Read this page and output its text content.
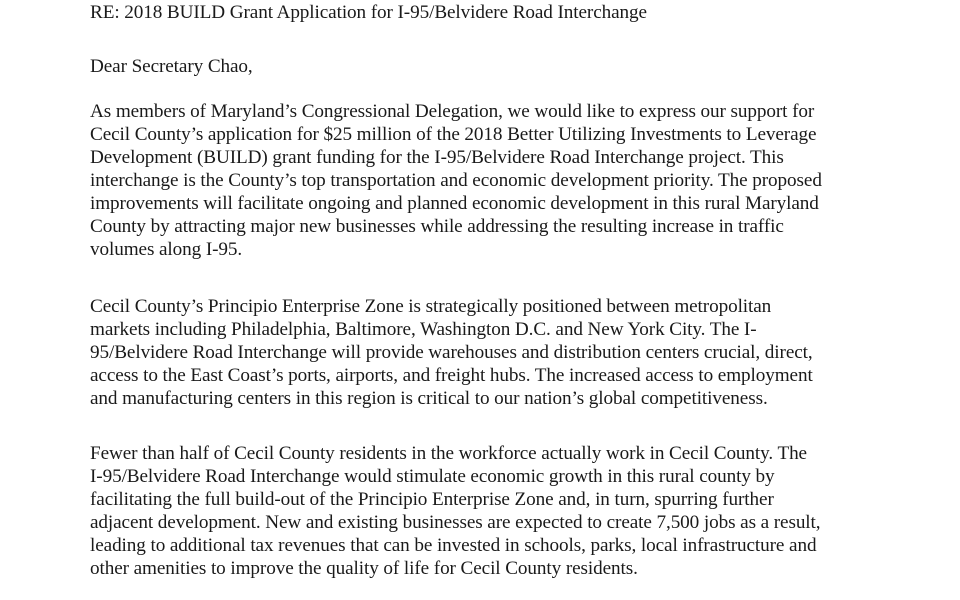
RE: 2018 BUILD Grant Application for I-95/Belvidere Road Interchange

Dear Secretary Chao,

As members of Maryland’s Congressional Delegation, we would like to express our support for

Cecil County’s application for $25 million of the 2018 Better Utilizing Investments to Leverage

Development (BUILD) grant funding for the I-95/Belvidere Road Interchange project. This

interchange is the County’s top transportation and economic development priority. The proposed

improvements will facilitate ongoing and planned economic development in this rural Maryland

County by attracting major new businesses while addressing the resulting increase in traffic

volumes along I-95.

Cecil County’s Principio Enterprise Zone is strategically positioned between metropolitan

markets including Philadelphia, Baltimore, Washington D.C. and New York City. The I-

95/Belvidere Road Interchange will provide warehouses and distribution centers crucial, direct,

access to the East Coast’s ports, airports, and freight hubs. The increased access to employment

and manufacturing centers in this region is critical to our nation’s global competitiveness.

Fewer than half of Cecil County residents in the workforce actually work in Cecil County. The

I-95/Belvidere Road Interchange would stimulate economic growth in this rural county by

facilitating the full build-out of the Principio Enterprise Zone and, in turn, spurring further

adjacent development. New and existing businesses are expected to create 7,500 jobs as a result,

leading to additional tax revenues that can be invested in schools, parks, local infrastructure and

other amenities to improve the quality of life for Cecil County residents.
